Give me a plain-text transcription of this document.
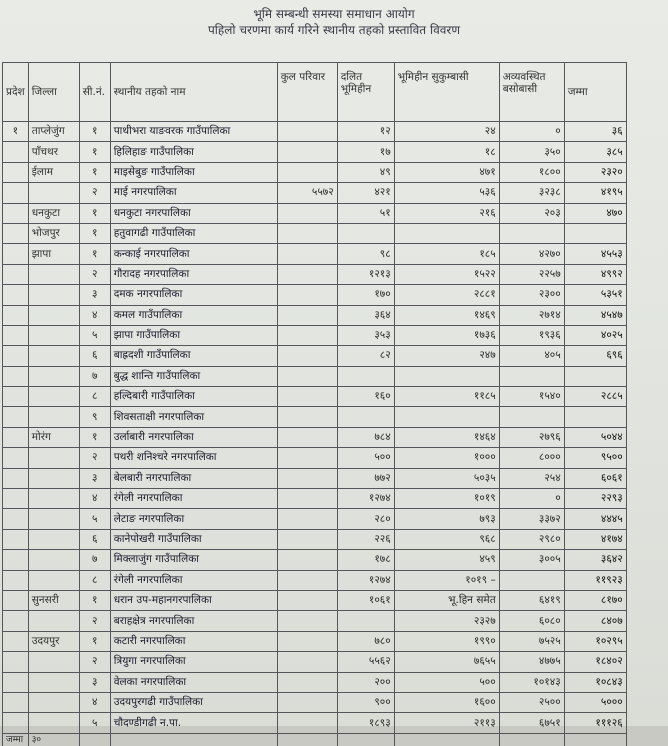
भूमि सम्बन्धी समस्या समाधान आयोग
पहिलो चरणमा कार्य गरिने स्थानीय तहको प्रस्तावित विवरण
प्रदेश	जिल्ला	सी.नं.	स्थानीय तहको नाम	कुल परिवार	दलित भूमिहीन	भूमिहीन सुकुम्बासी	अव्यवस्थित बसोबासी	जम्मा
१	ताप्लेजुंग	१	पाथीभरा याङवरक गाउँपालिका		१२	२४	०	३६
	पाँचथर	१	हिलिहाङ गाउँपालिका		१७	१८	३५०	३८५
	ईलाम	१	माइसेबुङ गाउँपालिका		४९	४७१	१८००	२३२०
		२	माई नगरपालिका	५५७२	४२१	५३६	३२३८	४१९५
	धनकुटा	१	धनकुटा नगरपालिका		५१	२१६	२०३	४७०
	भोजपुर	१	हतुवागढी गाउँपालिका					
	झापा	१	कन्काई नगरपालिका		९८	१८५	४२७०	४५५३
		२	गौरादह नगरपालिका		१२१३	१५२२	२२५७	४९९२
		३	दमक नगरपालिका		१७०	२८८१	२३००	५३५१
		४	कमल गाउँपालिका		३६४	१४६९	२७१४	४५४७
		५	झापा गाउँपालिका		३५३	१७३६	१९३६	४०२५
		६	बाह्रदशी गाउँपालिका		८२	२४७	४०५	६९६
		७	बुद्ध शान्ति गाउँपालिका					
		८	हल्दिबारी गाउँपालिका		१६०	११८५	१५४०	२८८५
		९	शिवसताक्षी नगरपालिका					
	मोरंग	१	उर्लाबारी नगरपालिका		७८४	१४६४	२७९६	५०४४
		२	पथरी शनिश्चरे नगरपालिका		५००	१०००	८०००	९५००
		३	बेलबारी नगरपालिका		७७२	५०३५	२५४	६०६१
		४	रंगेली नगरपालिका		१२७४	१०१९	०	२२९३
		५	लेटाङ नगरपालिका		२८०	७९३	३३७२	४४४५
		६	कानेपोखरी गाउँपालिका		२२६	९६८	२९८०	४१७४
		७	मिक्लाजुंग गाउँपालिका		१७८	४५९	३००५	३६४२
		८	रंगेली नगरपालिका		१२७४	१०१९ –		११९२३
	सुनसरी	१	धरान उप-महानगरपालिका		१०६१	भू.हिन समेत	६४१९	८१७०
		२	बराहक्षेत्र नगरपालिका			२३२७	६०८०	८४०७
	उदयपुर	१	कटारी नगरपालिका		७८०	१९९०	७५२५	१०२९५
		२	त्रियुगा नगरपालिका		५५६२	७६५५	४७७५	१८४०२
		३	वेलका नगरपालिका		२००	५००	१०१४३	१०८४३
		४	उदयपुरगढी गाउँपालिका		९००	१६००	२५००	५०००
		५	चौदण्डीगढी न.पा.		१८९३	२११३	६७५१	१११२६
जम्मा	३०							
